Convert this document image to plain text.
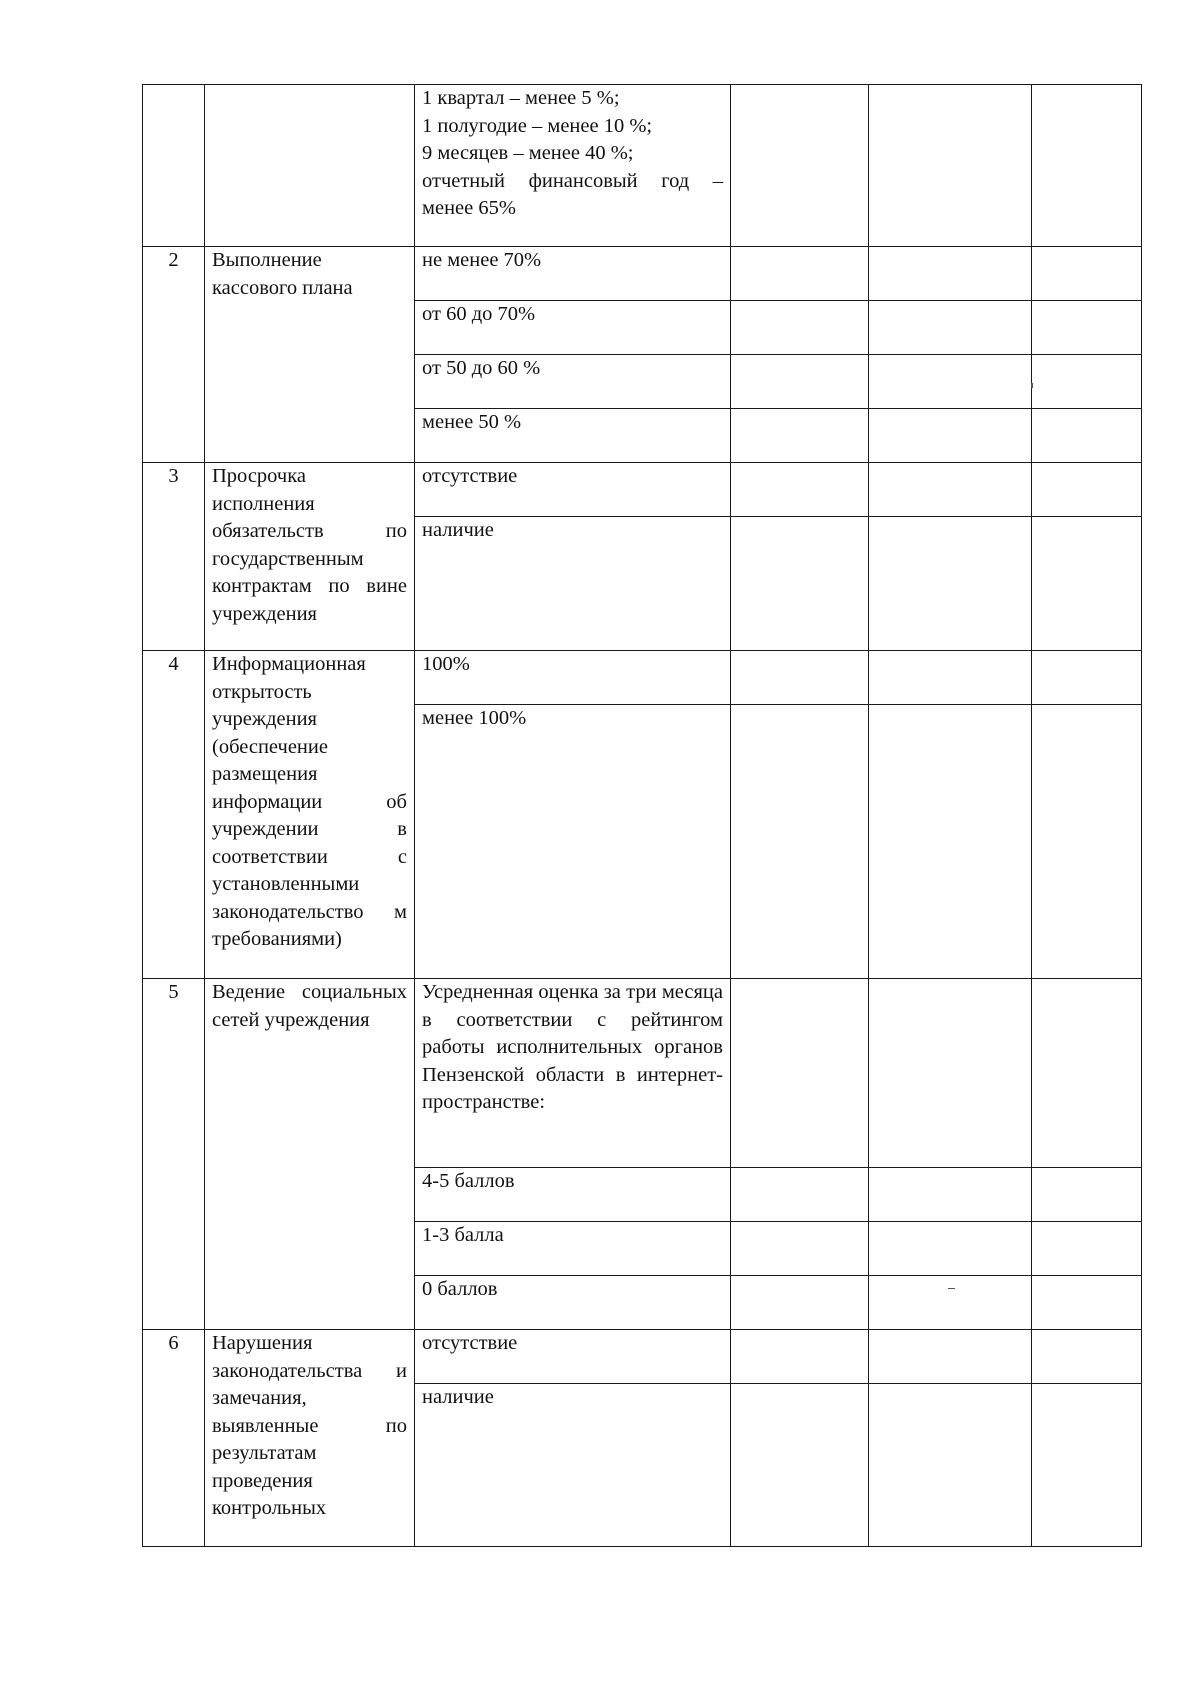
		1 квартал – менее 5 %;
1 полугодие – менее 10 %;
9 месяцев – менее 40 %;
отчетный финансовый год –
менее 65%			

2	Выполнение кассового плана	не менее 70%			
		от 60 до 70%			
		от 50 до 60 %			
		менее 50 %			
3	Просрочка исполнения обязательств по государственным контрактам по вине учреждения	отсутствие			
		наличие			
4	Информационная открытость учреждения (обеспечение размещения информации об учреждении в соответствии с установленными законодательство м требованиями)	100%			
		менее 100%			
5	Ведение социальных сетей учреждения	Усредненная оценка за три месяца в соответствии с рейтингом работы исполнительных органов Пензенской области в интернет-пространстве:			

		4-5 баллов			
		1-3 балла			
		0 баллов			
6	Нарушения законодательства и замечания, выявленные по результатам проведения контрольных	отсутствие			
		наличие			
